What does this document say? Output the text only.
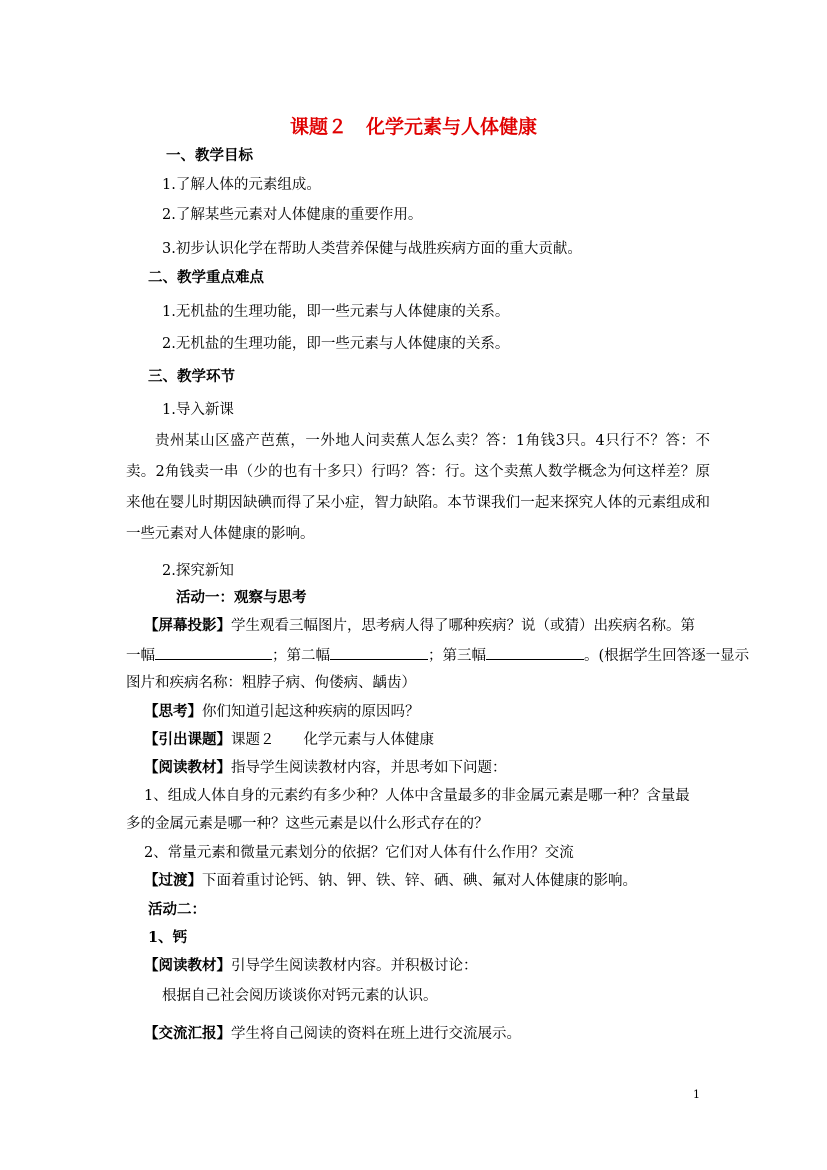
课题２　化学元素与人体健康
一、教学目标
1.了解人体的元素组成。
2.了解某些元素对人体健康的重要作用。
3.初步认识化学在帮助人类营养保健与战胜疾病方面的重大贡献。
二、教学重点难点
1.无机盐的生理功能，即一些元素与人体健康的关系。
2.无机盐的生理功能，即一些元素与人体健康的关系。
三、教学环节
1.导入新课
贵州某山区盛产芭蕉，一外地人问卖蕉人怎么卖？答：1角钱3只。4只行不？答：不卖。2角钱卖一串（少的也有十多只）行吗？答：行。这个卖蕉人数学概念为何这样差？原来他在婴儿时期因缺碘而得了呆小症，智力缺陷。本节课我们一起来探究人体的元素组成和一些元素对人体健康的影响。
2.探究新知
活动一：观察与思考
【屏幕投影】学生观看三幅图片，思考病人得了哪种疾病？说（或猜）出疾病名称。第
一幅	；第二幅	；第三幅	。(根据学生回答逐一显示
图片和疾病名称：粗脖子病、佝偻病、龋齿）
【思考】你们知道引起这种疾病的原因吗？
【引出课题】课题２　　化学元素与人体健康
【阅读教材】指导学生阅读教材内容，并思考如下问题：
1、组成人体自身的元素约有多少种？人体中含量最多的非金属元素是哪一种？含量最
多的金属元素是哪一种？这些元素是以什么形式存在的？
2、常量元素和微量元素划分的依据？它们对人体有什么作用？交流
【过渡】下面着重讨论钙、钠、钾、铁、锌、硒、碘、氟对人体健康的影响。
活动二：
1、钙
【阅读教材】引导学生阅读教材内容。并积极讨论：
根据自己社会阅历谈谈你对钙元素的认识。
【交流汇报】学生将自己阅读的资料在班上进行交流展示。
1
